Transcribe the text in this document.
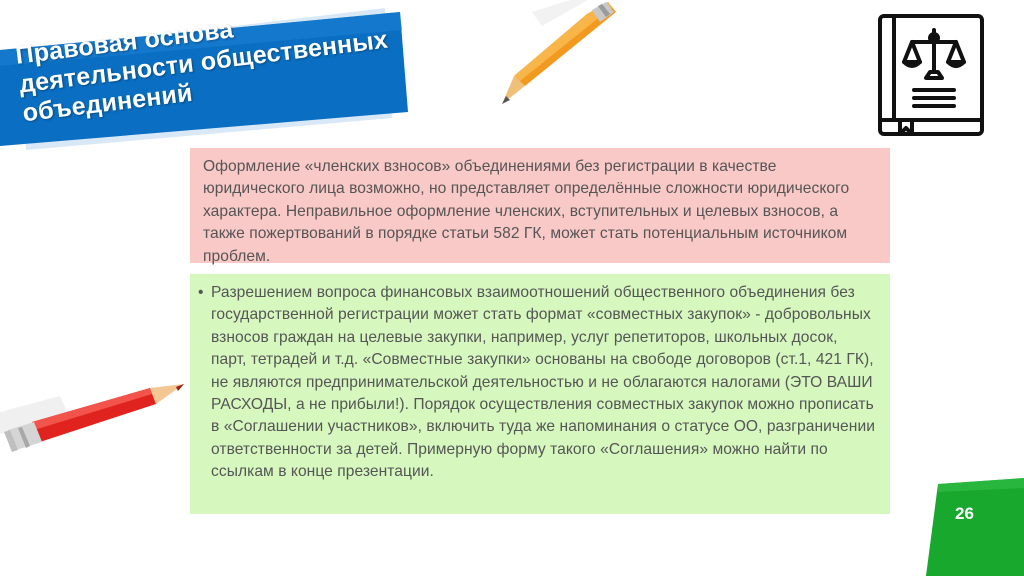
Правовая основа деятельности общественных объединений
Оформление «членских взносов» объединениями без регистрации в качестве юридического лица возможно, но представляет определённые сложности юридического характера. Неправильное оформление членских, вступительных и целевых взносов, а также пожертвований в порядке статьи 582 ГК, может стать потенциальным источником проблем.
• Разрешением вопроса финансовых взаимоотношений общественного объединения без государственной регистрации может стать формат «совместных закупок» - добровольных взносов граждан на целевые закупки, например, услуг репетиторов, школьных досок, парт, тетрадей и т.д. «Совместные закупки» основаны на свободе договоров (ст.1, 421 ГК), не являются предпринимательской деятельностью и не облагаются налогами (ЭТО ВАШИ РАСХОДЫ, а не прибыли!). Порядок осуществления совместных закупок можно прописать в «Соглашении участников», включить туда же напоминания о статусе ОО, разграничении ответственности за детей. Примерную форму такого «Соглашения» можно найти по ссылкам в конце презентации.
26
